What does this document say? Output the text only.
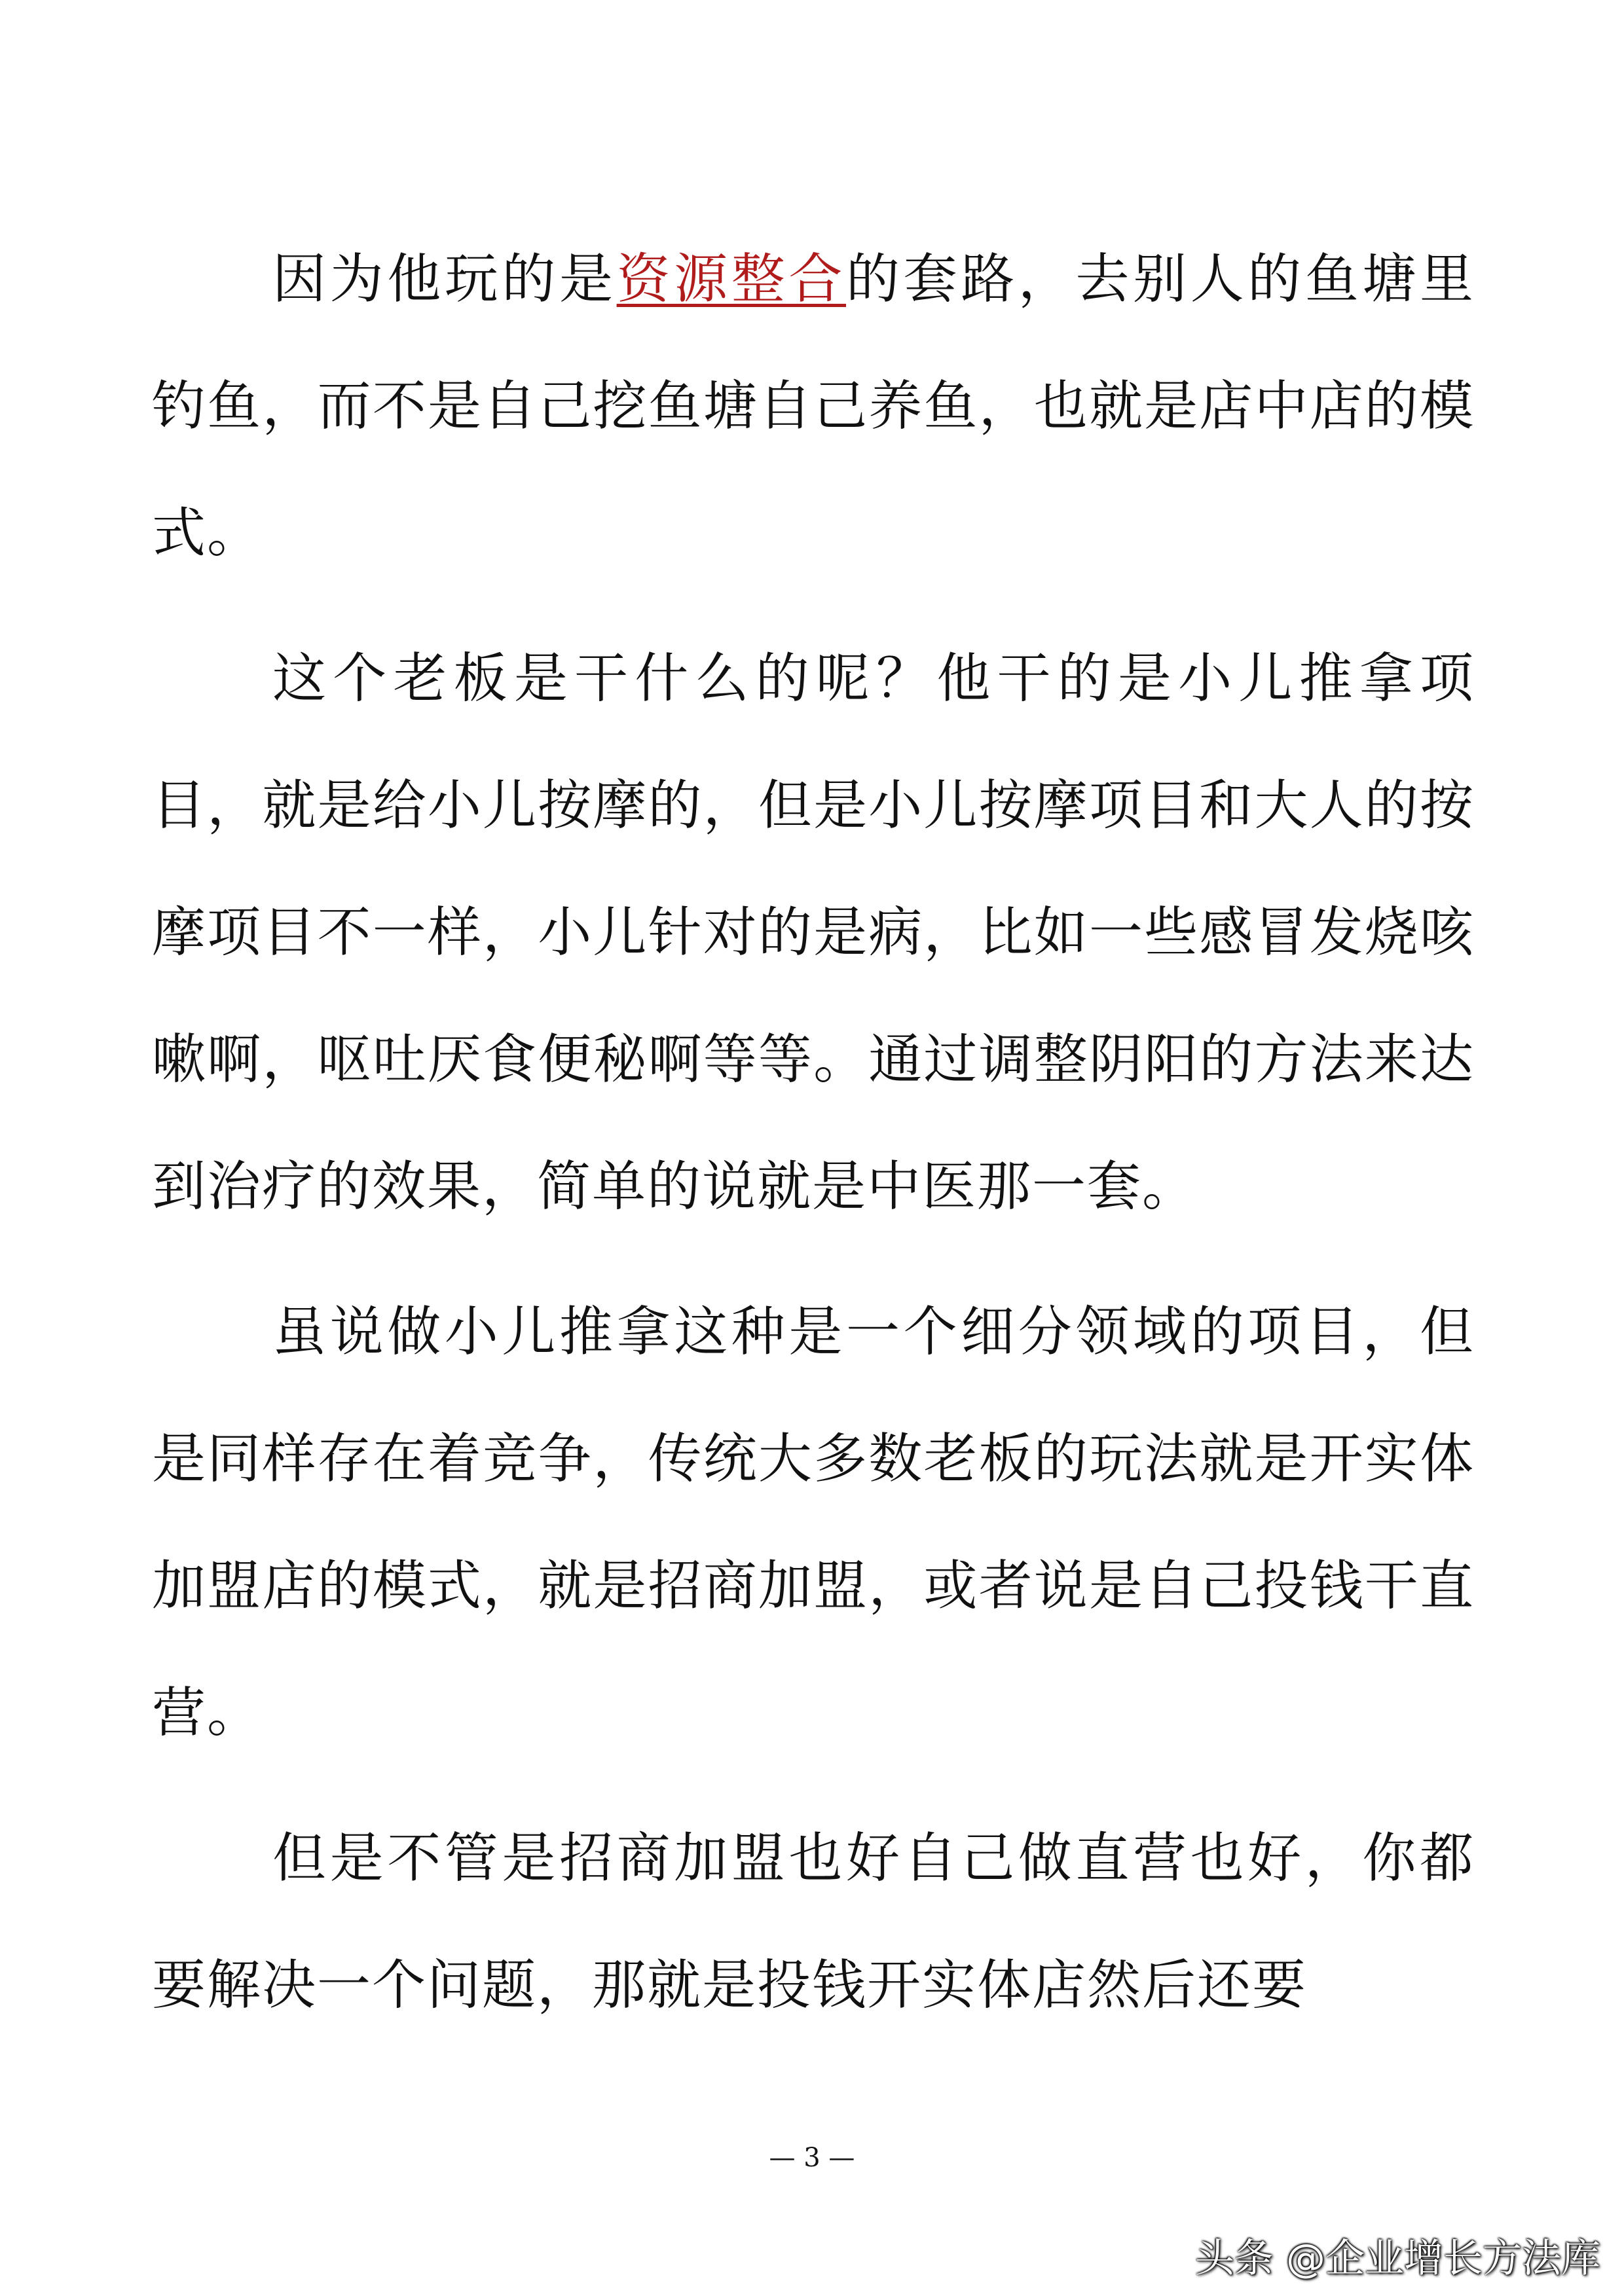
因为他玩的是资源整合的套路，去别人的鱼塘里钓鱼，而不是自己挖鱼塘自己养鱼，也就是店中店的模式。

这个老板是干什么的呢？他干的是小儿推拿项目，就是给小儿按摩的，但是小儿按摩项目和大人的按摩项目不一样，小儿针对的是病，比如一些感冒发烧咳嗽啊，呕吐厌食便秘啊等等。通过调整阴阳的方法来达到治疗的效果，简单的说就是中医那一套。

虽说做小儿推拿这种是一个细分领域的项目，但是同样存在着竞争，传统大多数老板的玩法就是开实体加盟店的模式，就是招商加盟，或者说是自己投钱干直营。

但是不管是招商加盟也好自己做直营也好，你都要解决一个问题，那就是投钱开实体店然后还要

— 3 —
头条 @企业增长方法库
